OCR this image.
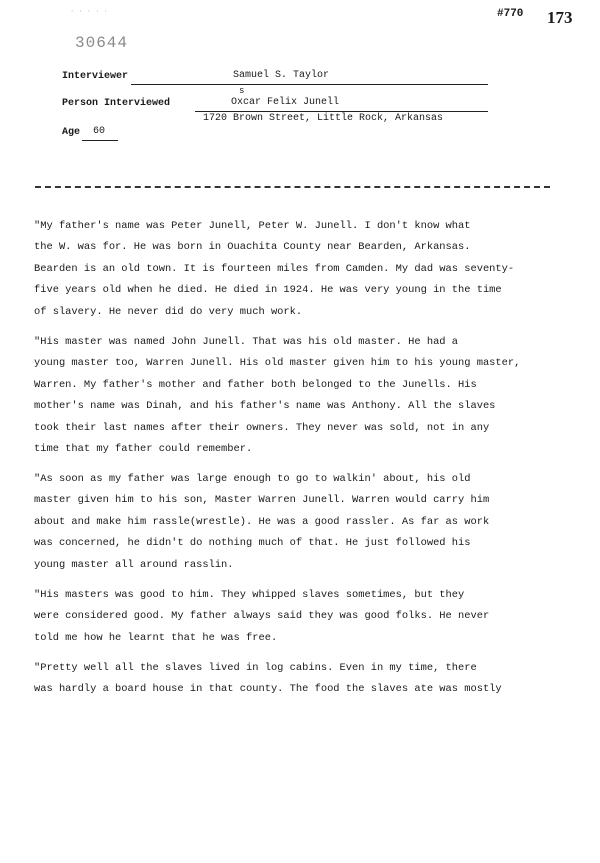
· · · · ·	#770 173
30644
Interviewer	Samuel S. Taylor
Person Interviewed
s
Oxcar Felix Junell
1720 Brown Street, Little Rock, Arkansas
Age 60
"My father's name was Peter Junell, Peter W. Junell. I don't know what
the W. was for. He was born in Ouachita County near Bearden, Arkansas.
Bearden is an old town. It is fourteen miles from Camden. My dad was seventy-
five years old when he died. He died in 1924. He was very young in the time
of slavery. He never did do very much work.
"His master was named John Junell. That was his old master. He had a
young master too, Warren Junell. His old master given him to his young master,
Warren. My father's mother and father both belonged to the Junells. His
mother's name was Dinah, and his father's name was Anthony. All the slaves
took their last names after their owners. They never was sold, not in any
time that my father could remember.
"As soon as my father was large enough to go to walkin' about, his old
master given him to his son, Master Warren Junell. Warren would carry him
about and make him rassle(wrestle). He was a good rassler. As far as work
was concerned, he didn't do nothing much of that. He just followed his
young master all around rasslin.
"His masters was good to him. They whipped slaves sometimes, but they
were considered good. My father always said they was good folks. He never
told me how he learnt that he was free.
"Pretty well all the slaves lived in log cabins. Even in my time, there
was hardly a board house in that county. The food the slaves ate was mostly
